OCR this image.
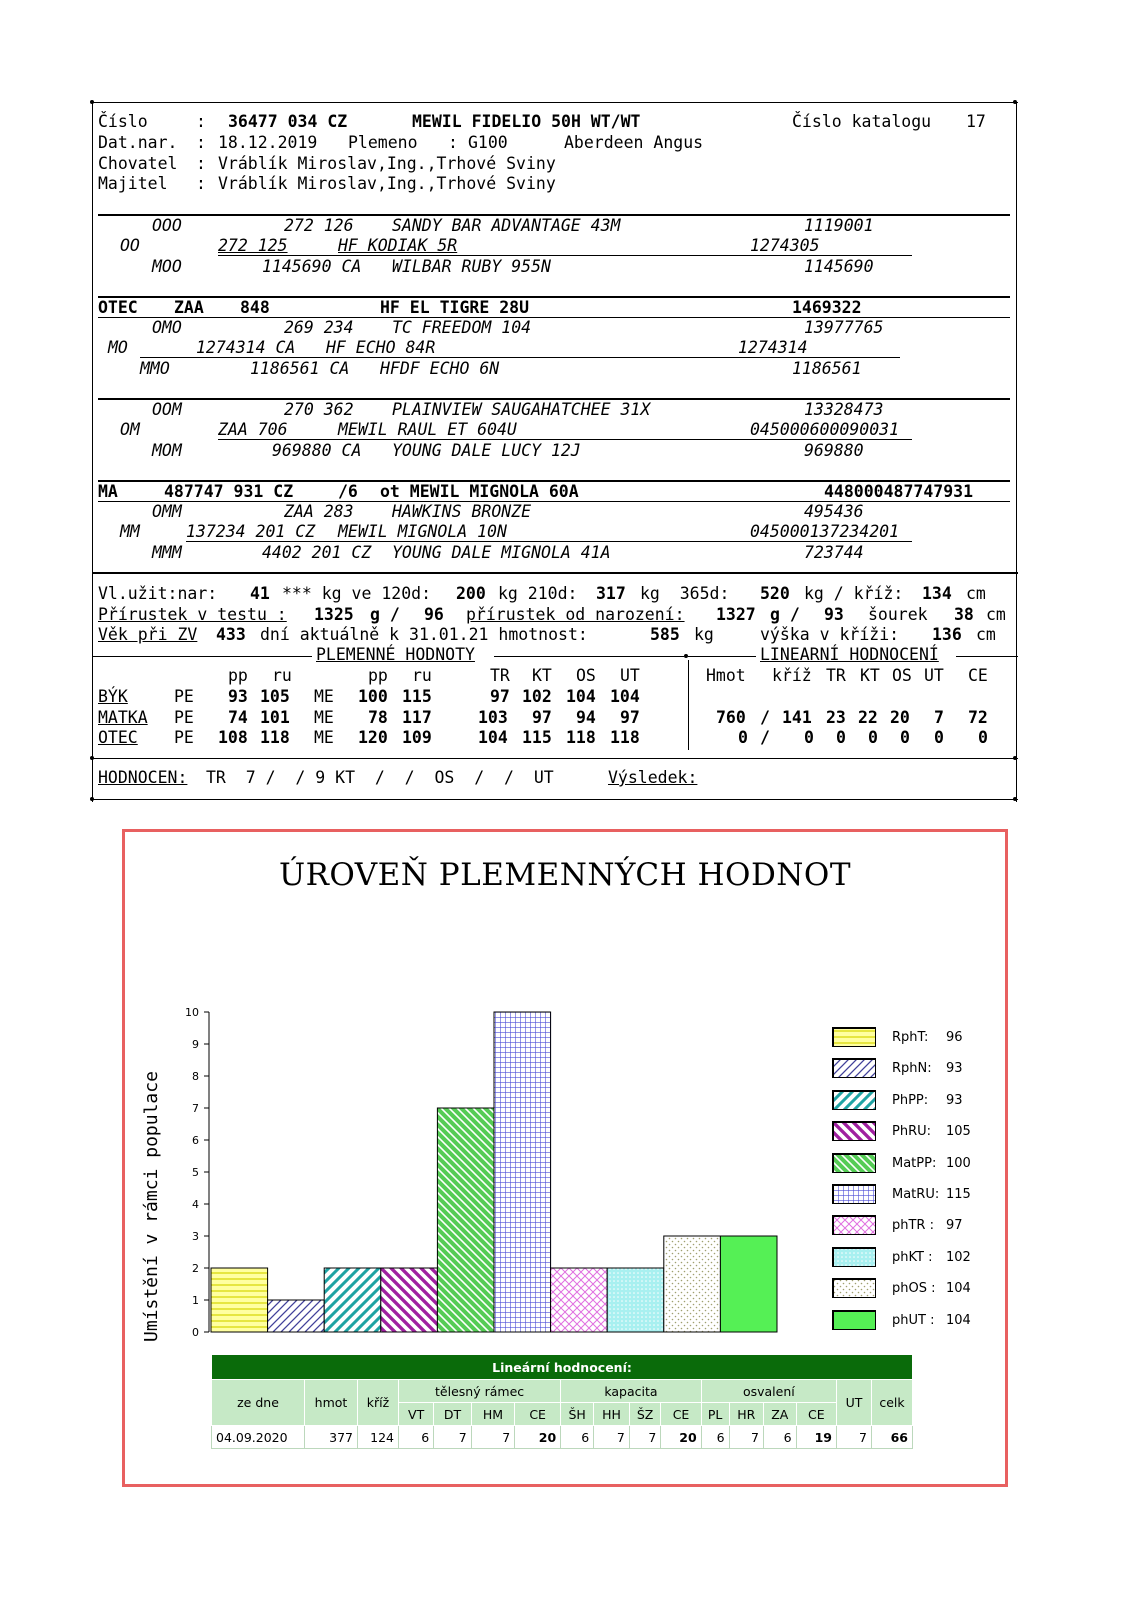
Číslo	: 36477 034 CZ	MEWIL FIDELIO 50H WT/WT	Číslo katalogu 17
Dat.nar. : 18.12.2019 Plemeno : G100	Aberdeen Angus
Chovatel : Vráblík Miroslav,Ing.,Trhové Sviny
Majitel : Vráblík Miroslav,Ing.,Trhové Sviny
OOO	272 126 SANDY BAR ADVANTAGE 43M	1119001
OO	272 125	HF KODIAK 5R	1274305
MOO	1145690 CA WILBAR RUBY 955N	1145690
OTEC ZAA 848	HF EL TIGRE 28U	1469322
OMO	269 234 TC FREEDOM 104	13977765
MO	1274314 CA HF ECHO 84R	1274314
MMO	1186561 CA HFDF ECHO 6N	1186561
OOM	270 362 PLAINVIEW SAUGAHATCHEE 31X	13328473
OM	ZAA 706	MEWIL RAUL ET 604U	045000600090031
MOM	969880 CA YOUNG DALE LUCY 12J	969880
MA	487747 931 CZ	/6 ot MEWIL MIGNOLA 60A	448000487747931
OMM	ZAA 283 HAWKINS BRONZE	495436
MM	137234 201 CZ MEWIL MIGNOLA 10N	045000137234201
MMM	4402 201 CZ YOUNG DALE MIGNOLA 41A	723744
Vl.užit:nar: 41 *** kg ve 120d: 200 kg 210d: 317 kg  365d: 520 kg / kříž: 134 cm
Přírustek v testu : 1325 g / 96 přírustek od narození: 1327 g / 93 šourek 38 cm
Věk při ZV 433 dní aktuálně k 31.01.21 hmotnost:	585 kg	výška v kříži: 136 cm
PLEMENNÉ HODNOTY	LINEARNÍ HODNOCENÍ
pp ru	pp ru	TR KT OS UT	Hmot kříž TR KT OS UT CE
BÝK	PE 93 105 ME 100 115	97 102 104 104
MATKA PE 74 101 ME 78 117	103 97 94 97	760 / 141 23 22 20 7 72
OTEC PE 108 118 ME 120 109	104 115 118 118	0 / 0 0 0 0 0 0
HODNOCEN: TR  7 /  / 9 KT  /  /  OS  /  /  UT	Výsledek:
ÚROVEŇ PLEMENNÝCH HODNOT
Umístění v rámci populace	0
1
2
3
4
5
6
7
8
9
10
RphT: 96
RphN: 93
PhPP: 93
PhRU: 105
MatPP: 100
MatRU: 115
phTR : 97
phKT : 102
phOS : 104
phUT : 104
Lineární hodnocení:																
ze dne	hmot	kříž	tělesný rámec				kapacita				osvalení				UT	celk
			VT	DT	HM	CE	ŠH	HH	ŠZ	CE	PL	HR	ZA	CE		
04.09.2020	377	124	6	7	7	20	6	7	7	20	6	7	6	19	7	66
